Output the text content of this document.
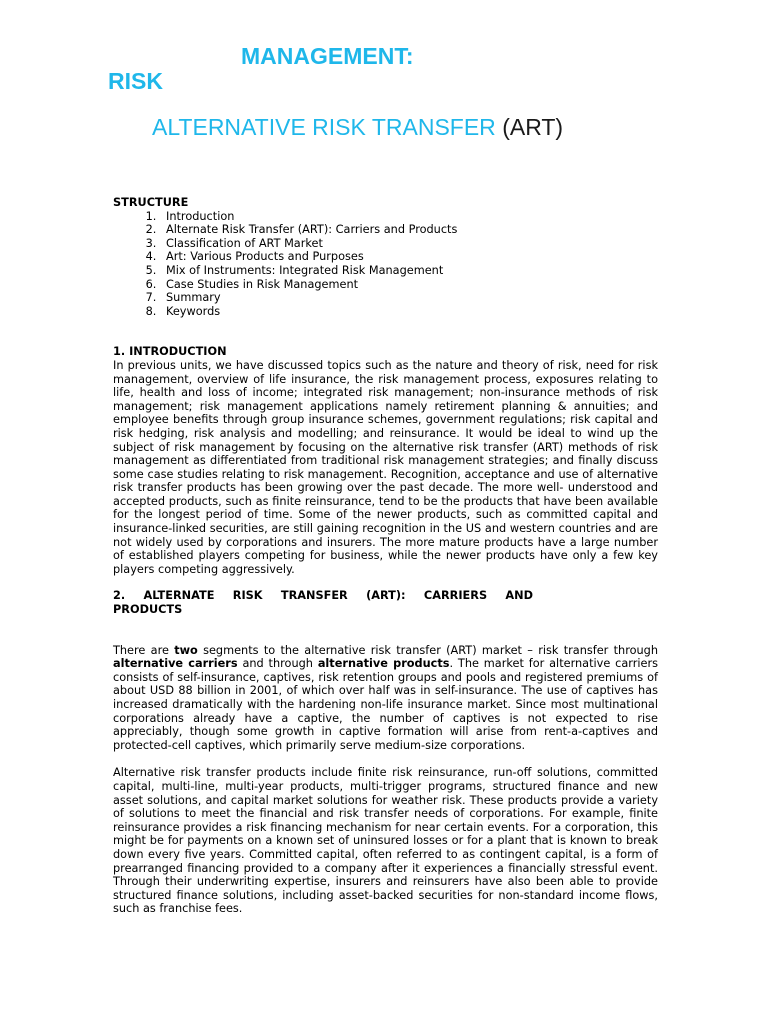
MANAGEMENT:
RISK
ALTERNATIVE RISK TRANSFER (ART)

STRUCTURE

1. Introduction
2. Alternate Risk Transfer (ART): Carriers and Products
3. Classification of ART Market
4. Art: Various Products and Purposes
5. Mix of Instruments: Integrated Risk Management
6. Case Studies in Risk Management
7. Summary
8. Keywords

1. INTRODUCTION

In previous units, we have discussed topics such as the nature and theory of risk, need for risk management, overview of life insurance, the risk management process, exposures relating to life, health and loss of income; integrated risk management; non-insurance methods of risk management; risk management applications namely retirement planning & annuities; and employee benefits through group insurance schemes, government regulations; risk capital and risk hedging, risk analysis and modelling; and reinsurance. It would be ideal to wind up the subject of risk management by focusing on the alternative risk transfer (ART) methods of risk management as differentiated from traditional risk management strategies; and finally discuss some case studies relating to risk management. Recognition, acceptance and use of alternative risk transfer products has been growing over the past decade. The more well- understood and accepted products, such as finite reinsurance, tend to be the products that have been available for the longest period of time. Some of the newer products, such as committed capital and insurance-linked securities, are still gaining recognition in the US and western countries and are not widely used by corporations and insurers. The more mature products have a large number of established players competing for business, while the newer products have only a few key players competing aggressively.

2. ALTERNATE RISK TRANSFER (ART): CARRIERS AND

PRODUCTS

There are two segments to the alternative risk transfer (ART) market – risk transfer through alternative carriers and through alternative products. The market for alternative carriers consists of self-insurance, captives, risk retention groups and pools and registered premiums of about USD 88 billion in 2001, of which over half was in self-insurance. The use of captives has increased dramatically with the hardening non-life insurance market. Since most multinational corporations already have a captive, the number of captives is not expected to rise appreciably, though some growth in captive formation will arise from rent-a-captives and protected-cell captives, which primarily serve medium-size corporations.

Alternative risk transfer products include finite risk reinsurance, run-off solutions, committed capital, multi-line, multi-year products, multi-trigger programs, structured finance and new asset solutions, and capital market solutions for weather risk. These products provide a variety of solutions to meet the financial and risk transfer needs of corporations. For example, finite reinsurance provides a risk financing mechanism for near certain events. For a corporation, this might be for payments on a known set of uninsured losses or for a plant that is known to break down every five years. Committed capital, often referred to as contingent capital, is a form of prearranged financing provided to a company after it experiences a financially stressful event. Through their underwriting expertise, insurers and reinsurers have also been able to provide structured finance solutions, including asset-backed securities for non-standard income flows, such as franchise fees.
